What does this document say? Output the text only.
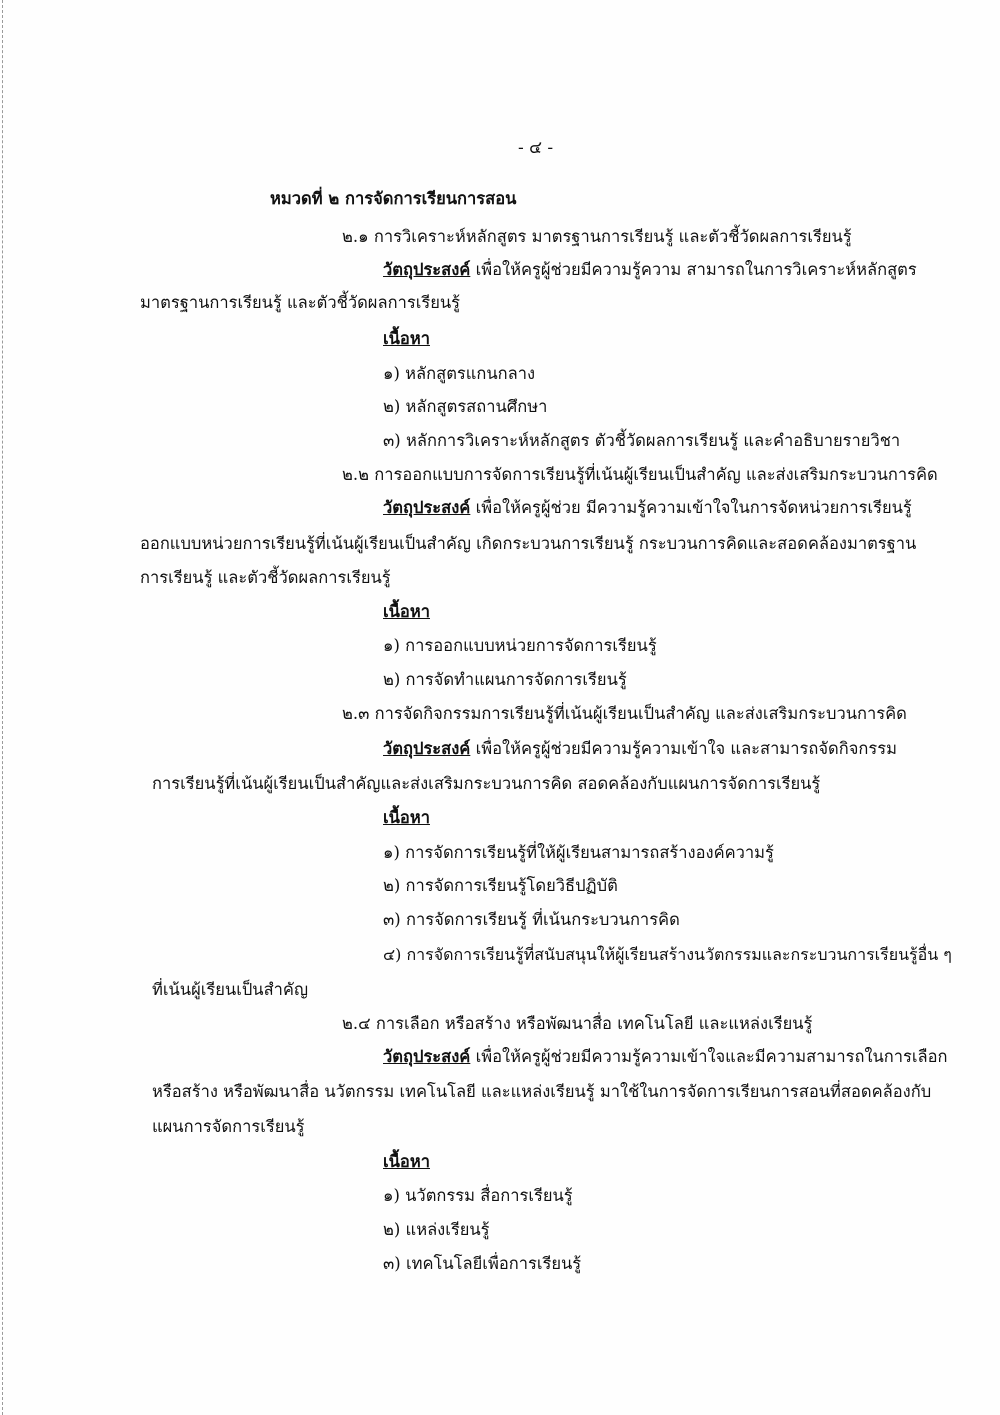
- ๔ -
หมวดที่ ๒ การจัดการเรียนการสอน
๒.๑ การวิเคราะห์หลักสูตร มาตรฐานการเรียนรู้ และตัวชี้วัดผลการเรียนรู้
วัตถุประสงค์ เพื่อให้ครูผู้ช่วยมีความรู้ความ สามารถในการวิเคราะห์หลักสูตร
มาตรฐานการเรียนรู้ และตัวชี้วัดผลการเรียนรู้
เนื้อหา
๑) หลักสูตรแกนกลาง
๒) หลักสูตรสถานศึกษา
๓) หลักการวิเคราะห์หลักสูตร ตัวชี้วัดผลการเรียนรู้ และคำอธิบายรายวิชา
๒.๒ การออกแบบการจัดการเรียนรู้ที่เน้นผู้เรียนเป็นสำคัญ และส่งเสริมกระบวนการคิด
วัตถุประสงค์ เพื่อให้ครูผู้ช่วย มีความรู้ความเข้าใจในการจัดหน่วยการเรียนรู้
ออกแบบหน่วยการเรียนรู้ที่เน้นผู้เรียนเป็นสำคัญ เกิดกระบวนการเรียนรู้ กระบวนการคิดและสอดคล้องมาตรฐาน
การเรียนรู้ และตัวชี้วัดผลการเรียนรู้
เนื้อหา
๑) การออกแบบหน่วยการจัดการเรียนรู้
๒) การจัดทำแผนการจัดการเรียนรู้
๒.๓ การจัดกิจกรรมการเรียนรู้ที่เน้นผู้เรียนเป็นสำคัญ และส่งเสริมกระบวนการคิด
วัตถุประสงค์ เพื่อให้ครูผู้ช่วยมีความรู้ความเข้าใจ และสามารถจัดกิจกรรม
การเรียนรู้ที่เน้นผู้เรียนเป็นสำคัญและส่งเสริมกระบวนการคิด สอดคล้องกับแผนการจัดการเรียนรู้
เนื้อหา
๑) การจัดการเรียนรู้ที่ให้ผู้เรียนสามารถสร้างองค์ความรู้
๒) การจัดการเรียนรู้โดยวิธีปฏิบัติ
๓) การจัดการเรียนรู้ ที่เน้นกระบวนการคิด
๔) การจัดการเรียนรู้ที่สนับสนุนให้ผู้เรียนสร้างนวัตกรรมและกระบวนการเรียนรู้อื่น ๆ
ที่เน้นผู้เรียนเป็นสำคัญ
๒.๔ การเลือก หรือสร้าง หรือพัฒนาสื่อ เทคโนโลยี และแหล่งเรียนรู้
วัตถุประสงค์ เพื่อให้ครูผู้ช่วยมีความรู้ความเข้าใจและมีความสามารถในการเลือก
หรือสร้าง หรือพัฒนาสื่อ นวัตกรรม เทคโนโลยี และแหล่งเรียนรู้ มาใช้ในการจัดการเรียนการสอนที่สอดคล้องกับ
แผนการจัดการเรียนรู้
เนื้อหา
๑) นวัตกรรม สื่อการเรียนรู้
๒) แหล่งเรียนรู้
๓) เทคโนโลยีเพื่อการเรียนรู้
